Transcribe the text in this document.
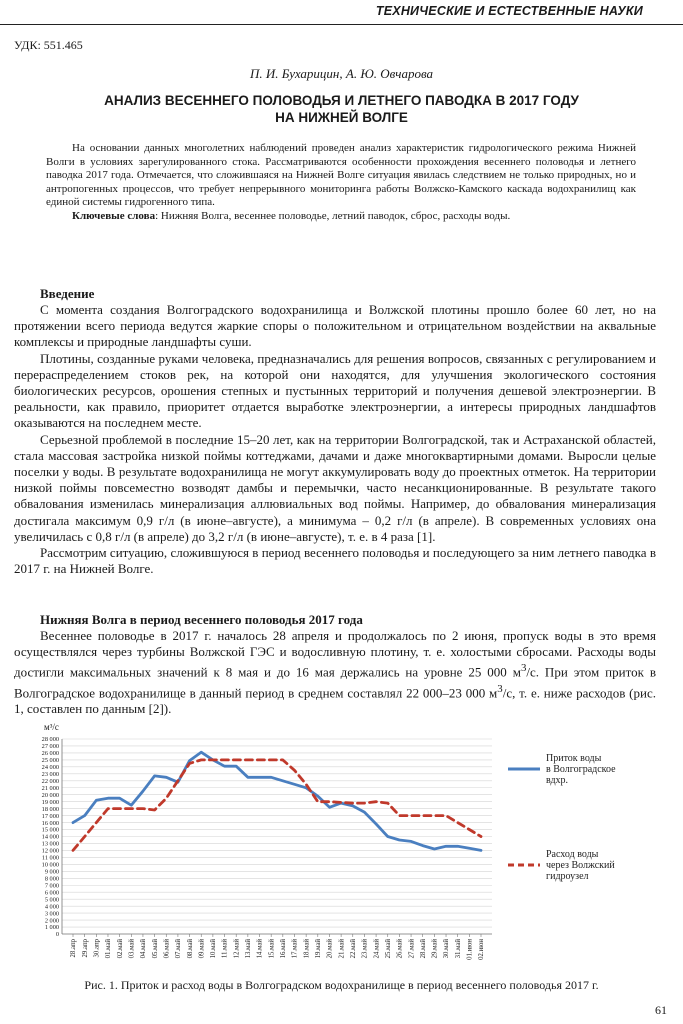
ТЕХНИЧЕСКИЕ И ЕСТЕСТВЕННЫЕ НАУКИ
УДК: 551.465
П. И. Бухарицин, А. Ю. Овчарова
АНАЛИЗ ВЕСЕННЕГО ПОЛОВОДЬЯ И ЛЕТНЕГО ПАВОДКА В 2017 ГОДУ
НА НИЖНЕЙ ВОЛГЕ

На основании данных многолетних наблюдений проведен анализ характеристик гидрологического режима Нижней Волги в условиях зарегулированного стока. Рассматриваются особенности прохождения весеннего половодья и летнего паводка 2017 года. Отмечается, что сложившаяся на Нижней Волге ситуация явилась следствием не только природных, но и антропогенных процессов, что требует непрерывного мониторинга работы Волжско-Камского каскада водохранилищ как единой системы гидрогенного типа.

Ключевые слова: Нижняя Волга, весеннее половодье, летний паводок, сброс, расходы воды.

Введение

С момента создания Волгоградского водохранилища и Волжской плотины прошло более 60 лет, но на протяжении всего периода ведутся жаркие споры о положительном и отрицательном воздействии на аквальные комплексы и природные ландшафты суши.

Плотины, созданные руками человека, предназначались для решения вопросов, связанных с регулированием и перераспределением стоков рек, на которой они находятся, для улучшения экологического состояния биологических ресурсов, орошения степных и пустынных территорий и получения дешевой электроэнергии. В реальности, как правило, приоритет отдается выработке электроэнергии, а интересы природных ландшафтов оказываются на последнем месте.

Серьезной проблемой в последние 15–20 лет, как на территории Волгоградской, так и Астраханской областей, стала массовая застройка низкой поймы коттеджами, дачами и даже многоквартирными домами. Выросли целые поселки у воды. В результате водохранилища не могут аккумулировать воду до проектных отметок. На территории низкой поймы повсеместно возводят дамбы и перемычки, часто несанкционированные. В результате такого обвалования изменилась минерализация аллювиальных вод поймы. Например, до обвалования минерализация достигала максимум 0,9 г/л (в июне–августе), а минимума – 0,2 г/л (в апреле). В современных условиях она увеличилась с 0,8 г/л (в апреле) до 3,2 г/л (в июне–августе), т. е. в 4 раза [1].

Рассмотрим ситуацию, сложившуюся в период весеннего половодья и последующего за ним летнего паводка в 2017 г. на Нижней Волге.

Нижняя Волга в период весеннего половодья 2017 года

Весеннее половодье в 2017 г. началось 28 апреля и продолжалось по 2 июня, пропуск воды в это время осуществлялся через турбины Волжской ГЭС и водосливную плотину, т. е. холостыми сбросами. Расходы воды достигли максимальных значений к 8 мая и до 16 мая держались на уровне 25 000 $м^3/с$. При этом приток в Волгоградское водохранилище в данный период в среднем составлял 22 000–23 000 $м^3/с$, т. е. ниже расходов (рис. 1, составлен по данным [2]).

м³/с
0
1 000
2 000
3 000
4 000
5 000
6 000
7 000
8 000
9 000
10 000
11 000
12 000
13 000
14 000
15 000
16 000
17 000
18 000
19 000
20 000
21 000
22 000
23 000
24 000
25 000
26 000
27 000
28 000
28.апр 29.апр 30.апр 01.май 02.май 03.май 04.май 05.май 06.май 07.май 08.май 09.май 10.май 11.май 12.май 13.май 14.май 15.май 16.май 17.май 18.май 19.май 20.май 21.май 22.май 23.май 24.май 25.май 26.май 27.май 28.май 29.май 30.май 31.май 01.июн 02.июн
Приток воды
в Волгоградское
вдхр.
Расход воды
через Волжский
гидроузел
Рис. 1. Приток и расход воды в Волгоградском водохранилище в период весеннего половодья 2017 г.
61
